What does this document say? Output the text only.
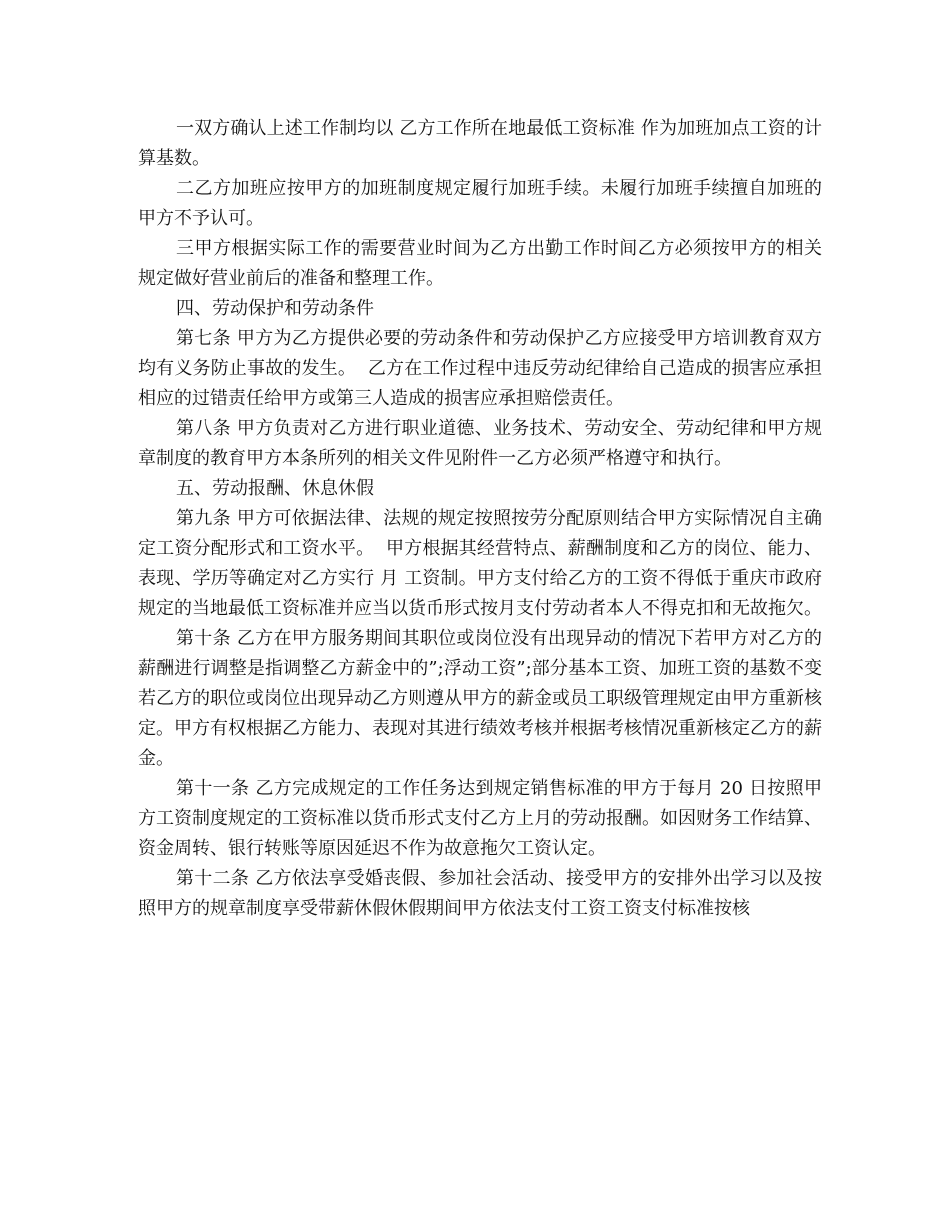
一双方确认上述工作制均以 乙方工作所在地最低工资标准 作为加班加点工资的计算基数。

二乙方加班应按甲方的加班制度规定履行加班手续。未履行加班手续擅自加班的甲方不予认可。

三甲方根据实际工作的需要营业时间为乙方出勤工作时间乙方必须按甲方的相关规定做好营业前后的准备和整理工作。

四、劳动保护和劳动条件

第七条 甲方为乙方提供必要的劳动条件和劳动保护乙方应接受甲方培训教育双方均有义务防止事故的发生。  乙方在工作过程中违反劳动纪律给自己造成的损害应承担相应的过错责任给甲方或第三人造成的损害应承担赔偿责任。

第八条 甲方负责对乙方进行职业道德、业务技术、劳动安全、劳动纪律和甲方规章制度的教育甲方本条所列的相关文件见附件一乙方必须严格遵守和执行。

五、劳动报酬、休息休假

第九条 甲方可依据法律、法规的规定按照按劳分配原则结合甲方实际情况自主确定工资分配形式和工资水平。  甲方根据其经营特点、薪酬制度和乙方的岗位、能力、表现、学历等确定对乙方实行 月 工资制。甲方支付给乙方的工资不得低于重庆市政府规定的当地最低工资标准并应当以货币形式按月支付劳动者本人不得克扣和无故拖欠。

第十条 乙方在甲方服务期间其职位或岗位没有出现异动的情况下若甲方对乙方的薪酬进行调整是指调整乙方薪金中的”;浮动工资”;部分基本工资、加班工资的基数不变若乙方的职位或岗位出现异动乙方则遵从甲方的薪金或员工职级管理规定由甲方重新核定。甲方有权根据乙方能力、表现对其进行绩效考核并根据考核情况重新核定乙方的薪金。

第十一条 乙方完成规定的工作任务达到规定销售标准的甲方于每月 20 日按照甲方工资制度规定的工资标准以货币形式支付乙方上月的劳动报酬。如因财务工作结算、资金周转、银行转账等原因延迟不作为故意拖欠工资认定。

第十二条 乙方依法享受婚丧假、参加社会活动、接受甲方的安排外出学习以及按照甲方的规章制度享受带薪休假休假期间甲方依法支付工资工资支付标准按核
